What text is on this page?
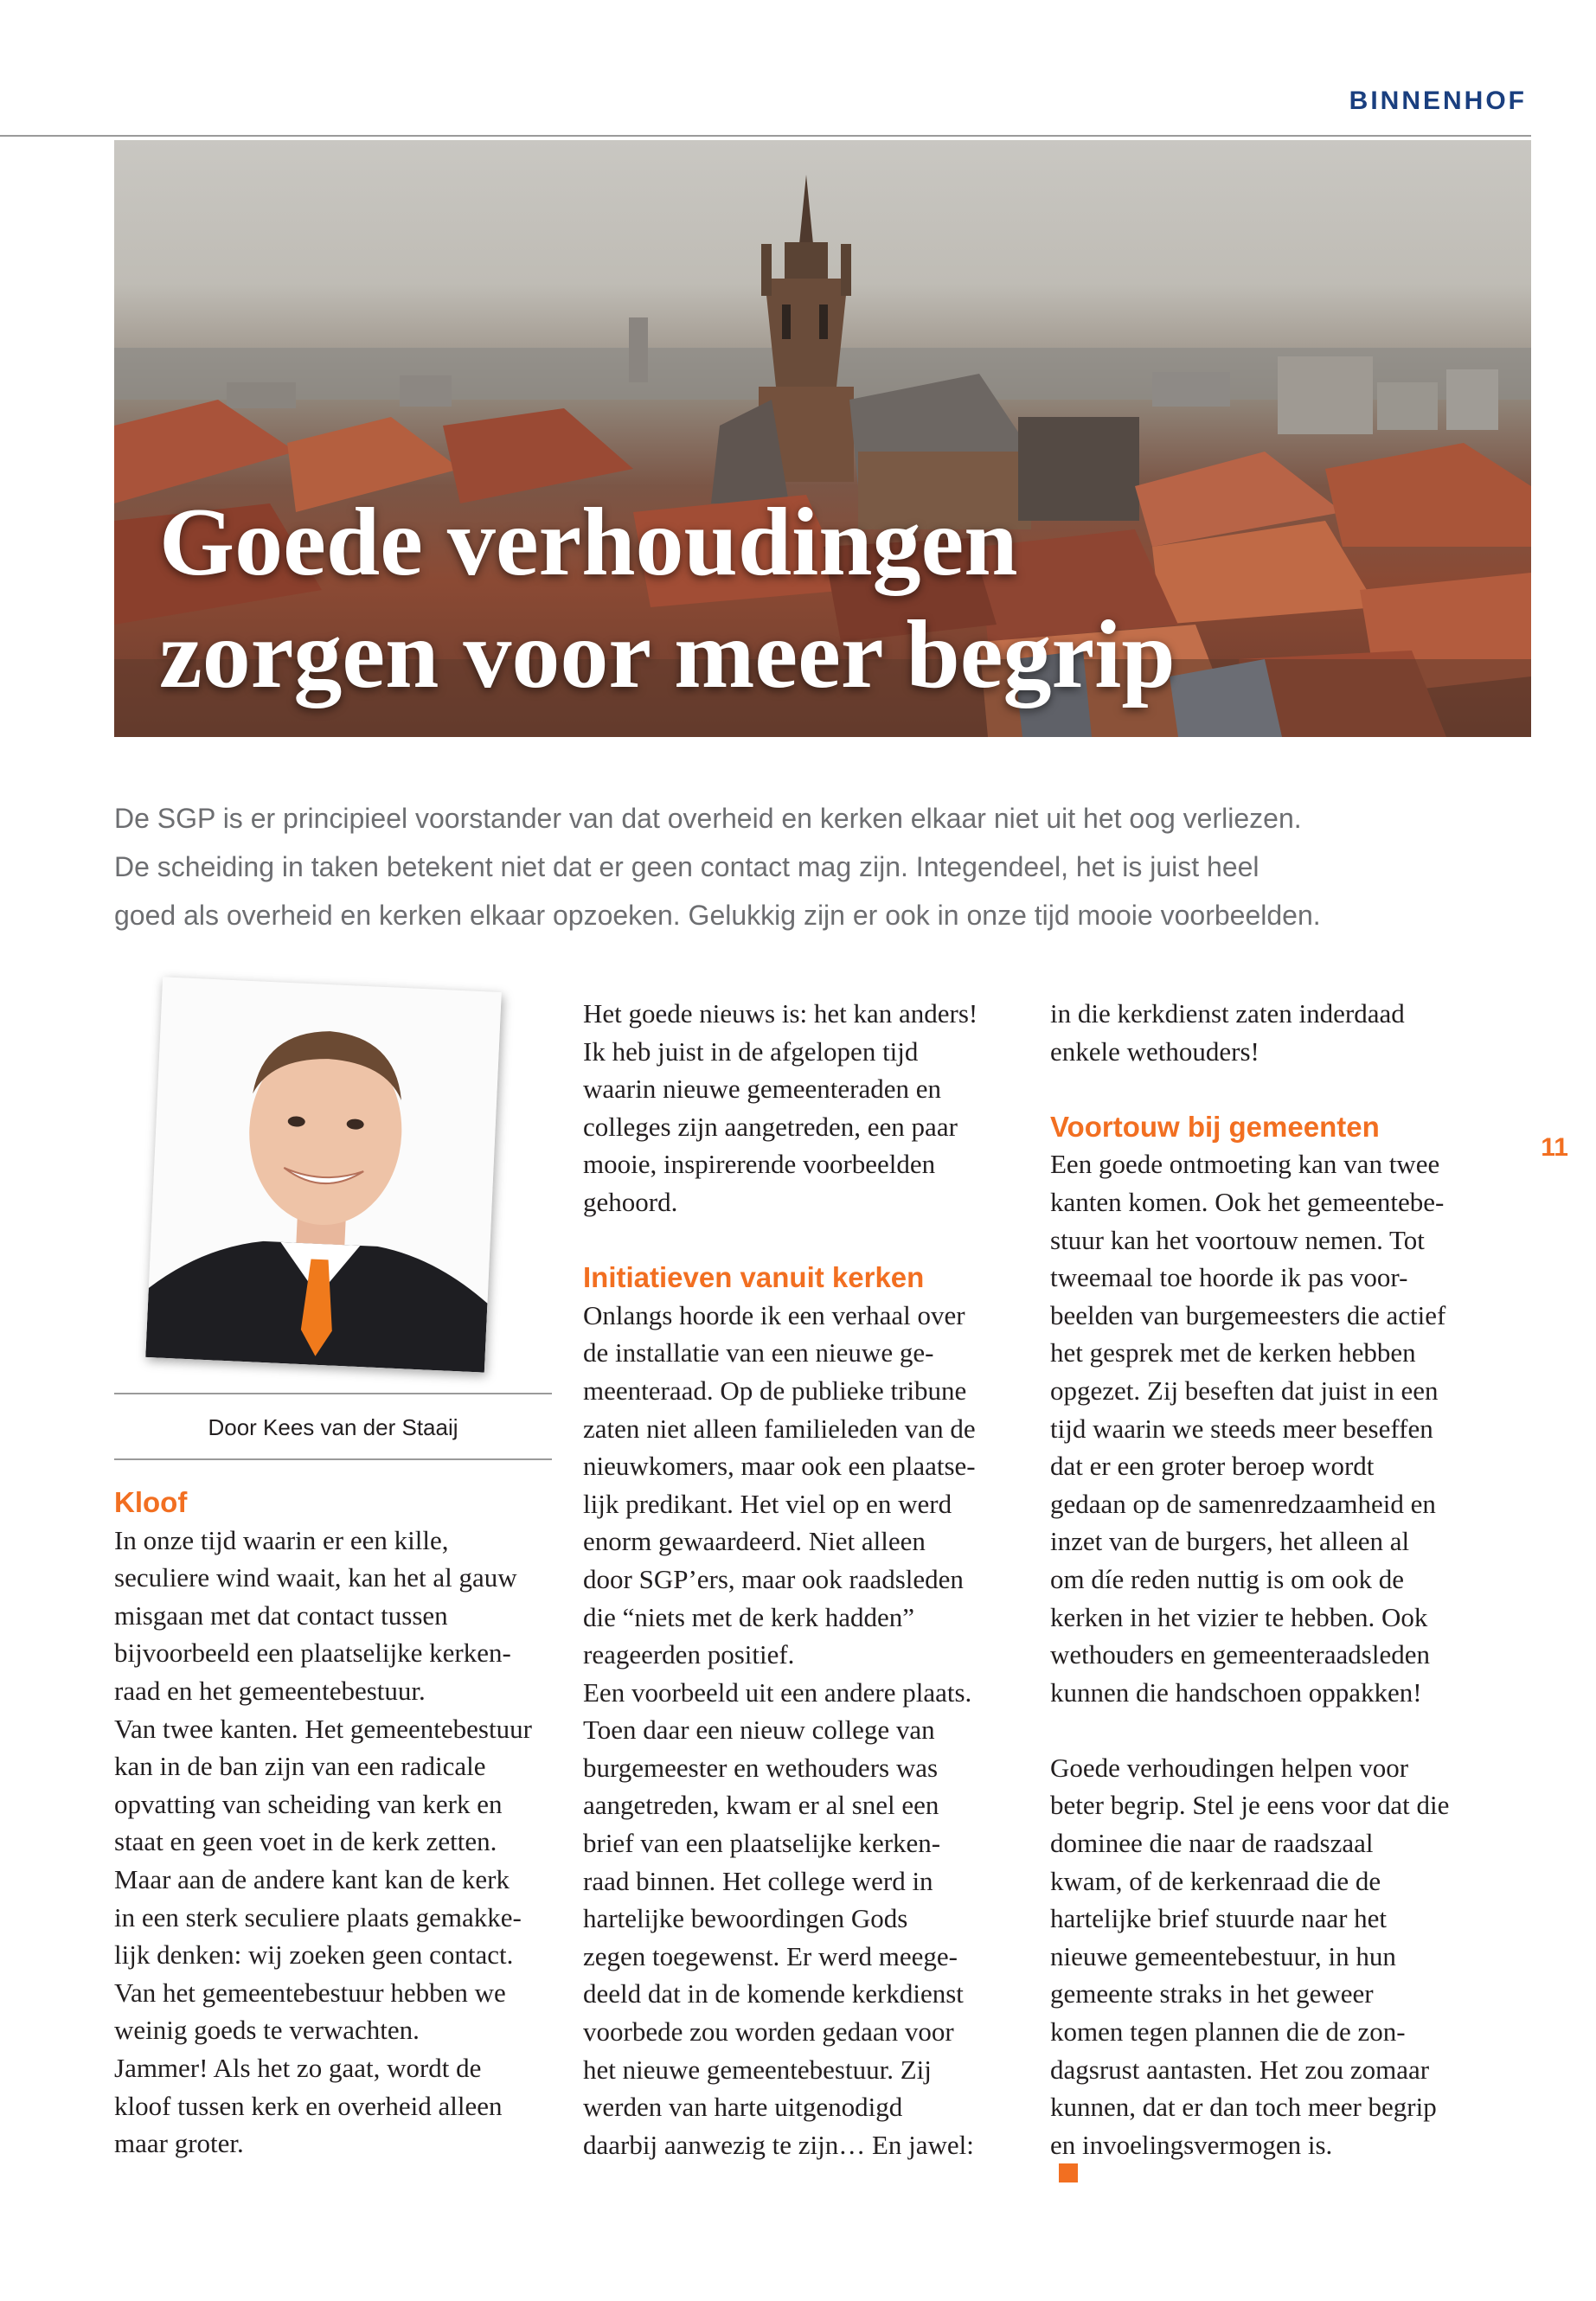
BINNENHOF
Goede verhoudingen
zorgen voor meer begrip
De SGP is er principieel voorstander van dat overheid en kerken elkaar niet uit het oog verliezen.
De scheiding in taken betekent niet dat er geen contact mag zijn. Integendeel, het is juist heel
goed als overheid en kerken elkaar opzoeken. Gelukkig zijn er ook in onze tijd mooie voorbeelden.
Door Kees van der Staaij
Kloof
In onze tijd waarin er een kille,
seculiere wind waait, kan het al gauw
misgaan met dat contact tussen
bijvoorbeeld een plaatselijke kerken-
raad en het gemeentebestuur.
Van twee kanten. Het gemeentebestuur
kan in de ban zijn van een radicale
opvatting van scheiding van kerk en
staat en geen voet in de kerk zetten.
Maar aan de andere kant kan de kerk
in een sterk seculiere plaats gemakke-
lijk denken: wij zoeken geen contact.
Van het gemeentebestuur hebben we
weinig goeds te verwachten.
Jammer! Als het zo gaat, wordt de
kloof tussen kerk en overheid alleen
maar groter.
Het goede nieuws is: het kan anders!
Ik heb juist in de afgelopen tijd
waarin nieuwe gemeenteraden en
colleges zijn aangetreden, een paar
mooie, inspirerende voorbeelden
gehoord.
Initiatieven vanuit kerken
Onlangs hoorde ik een verhaal over
de installatie van een nieuwe ge-
meenteraad. Op de publieke tribune
zaten niet alleen familieleden van de
nieuwkomers, maar ook een plaatse-
lijk predikant. Het viel op en werd
enorm gewaardeerd. Niet alleen
door SGP’ers, maar ook raadsleden
die “niets met de kerk hadden”
reageerden positief.
Een voorbeeld uit een andere plaats.
Toen daar een nieuw college van
burgemeester en wethouders was
aangetreden, kwam er al snel een
brief van een plaatselijke kerken-
raad binnen. Het college werd in
hartelijke bewoordingen Gods
zegen toegewenst. Er werd meege-
deeld dat in de komende kerkdienst
voorbede zou worden gedaan voor
het nieuwe gemeentebestuur. Zij
werden van harte uitgenodigd
daarbij aanwezig te zijn… En jawel:
in die kerkdienst zaten inderdaad
enkele wethouders!
Voortouw bij gemeenten
Een goede ontmoeting kan van twee
kanten komen. Ook het gemeentebe-
stuur kan het voortouw nemen. Tot
tweemaal toe hoorde ik pas voor-
beelden van burgemeesters die actief
het gesprek met de kerken hebben
opgezet. Zij beseften dat juist in een
tijd waarin we steeds meer beseffen
dat er een groter beroep wordt
gedaan op de samenredzaamheid en
inzet van de burgers, het alleen al
om díe reden nuttig is om ook de
kerken in het vizier te hebben. Ook
wethouders en gemeenteraadsleden
kunnen die handschoen oppakken!
Goede verhoudingen helpen voor
beter begrip. Stel je eens voor dat die
dominee die naar de raadszaal
kwam, of de kerkenraad die de
hartelijke brief stuurde naar het
nieuwe gemeentebestuur, in hun
gemeente straks in het geweer
komen tegen plannen die de zon-
dagsrust aantasten. Het zou zomaar
kunnen, dat er dan toch meer begrip
en invoelingsvermogen is.
11
